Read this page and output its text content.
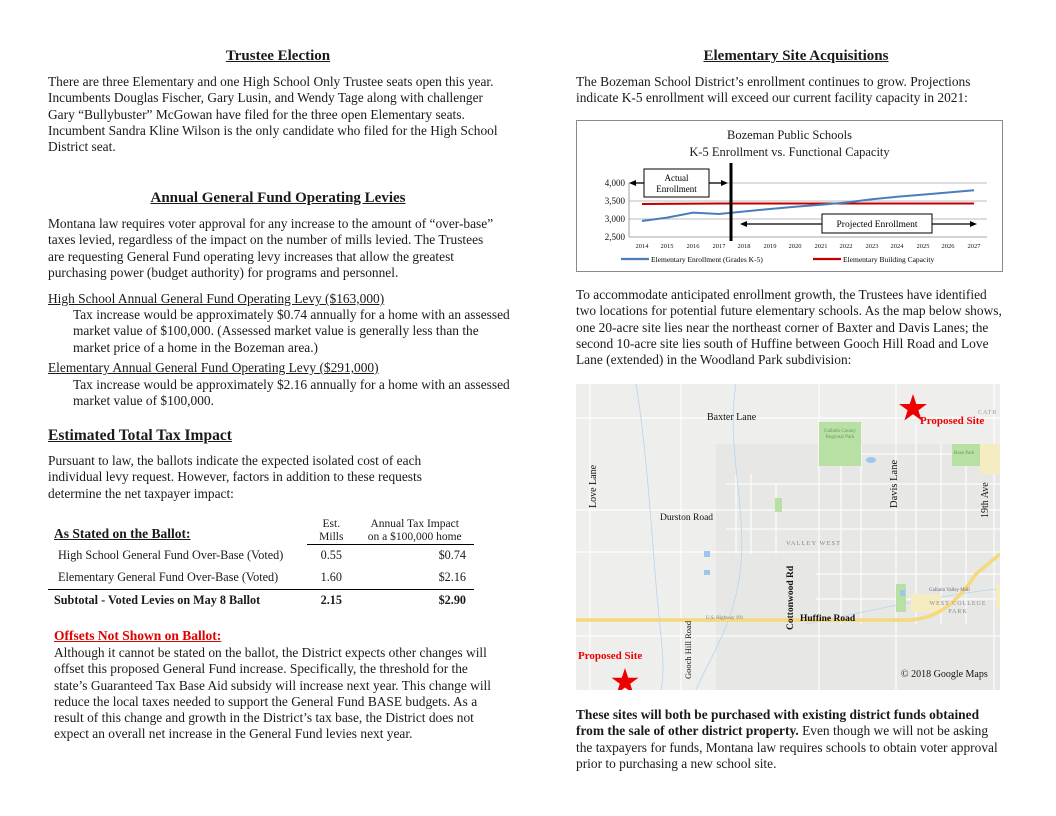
Trustee Election

There are three Elementary and one High School Only Trustee seats open this year. Incumbents Douglas Fischer, Gary Lusin, and Wendy Tage along with challenger Gary “Bullybuster” McGowan have filed for the three open Elementary seats. Incumbent Sandra Kline Wilson is the only candidate who filed for the High School District seat.

Annual General Fund Operating Levies

Montana law requires voter approval for any increase to the amount of “over-base” taxes levied, regardless of the impact on the number of mills levied. The Trustees are requesting General Fund operating levy increases that allow the greatest purchasing power (budget authority) for programs and personnel.

High School Annual General Fund Operating Levy ($163,000)

Tax increase would be approximately $0.74 annually for a home with an assessed market value of $100,000. (Assessed market value is generally less than the market price of a home in the Bozeman area.)

Elementary Annual General Fund Operating Levy ($291,000)

Tax increase would be approximately $2.16 annually for a home with an assessed market value of $100,000.

Estimated Total Tax Impact

Pursuant to law, the ballots indicate the expected isolated cost of each individual levy request. However, factors in addition to these requests determine the net taxpayer impact:

As Stated on the Ballot:	
Est.
Mills

Annual Tax Impact
on a $100,000 home

High School General Fund Over-Base (Voted)	0.55	$0.74
Elementary General Fund Over-Base (Voted)	1.60	$2.16
Subtotal - Voted Levies on May 8 Ballot	2.15	$2.90

Offsets Not Shown on Ballot:

Although it cannot be stated on the ballot, the District expects other changes will offset this proposed General Fund increase. Specifically, the threshold for the state’s Guaranteed Tax Base Aid subsidy will increase next year. This change will reduce the local taxes needed to support the General Fund BASE budgets. As a result of this change and growth in the District’s tax base, the District does not expect an overall net increase in the General Fund levies next year.

Elementary Site Acquisitions

The Bozeman School District’s enrollment continues to grow. Projections indicate K-5 enrollment will exceed our current facility capacity in 2021:

To accommodate anticipated enrollment growth, the Trustees have identified two locations for potential future elementary schools. As the map below shows, one 20-acre site lies near the northeast corner of Baxter and Davis Lanes; the second 10-acre site lies south of Huffine between Gooch Hill Road and Love Lane (extended) in the Woodland Park subdivision:

These sites will both be purchased with existing district funds obtained from the sale of other district property. Even though we will not be asking the taxpayers for funds, Montana law requires schools to obtain voter approval prior to purchasing a new school site.

Bozeman Public Schools
K-5 Enrollment vs. Functional Capacity
4,000
3,500
3,000
2,500
2014 2015 2016 2017 2018 2019 2020 2021 2022 2023 2024 2025 2026 2027
Actual
Enrollment
Projected Enrollment
Elementary Enrollment (Grades K-5)	Elementary Building Capacity
Baxter Lane
Love Lane
Durston Road
Davis Lane	19th Ave
Cottonwood Rd Huffine Road
Gooch Hill Road
VALLEY WEST
WEST COLLEGE PARK
Gallatin County Regional Park
Rose Park
Gallatin Valley Mall
U.S. Highway 191
CATR
Proposed Site
Proposed Site
© 2018 Google Maps
